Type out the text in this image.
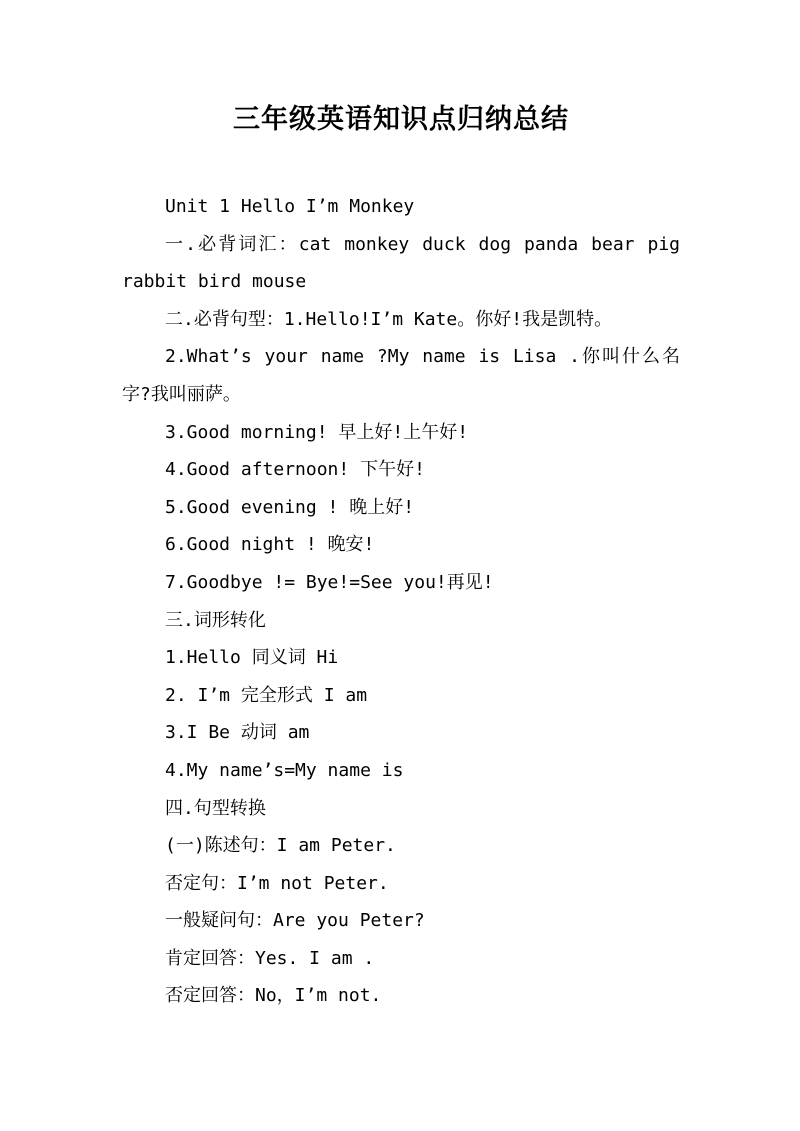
三年级英语知识点归纳总结

Unit 1 Hello I’m Monkey

一.必背词汇：cat monkey duck dog panda bear pig rabbit bird mouse

二.必背句型：1.Hello!I’m Kate。你好!我是凯特。

2.What’s your name ?My name is Lisa .你叫什么名字?我叫丽萨。

3.Good morning! 早上好!上午好!

4.Good afternoon! 下午好!

5.Good evening ! 晚上好!

6.Good night ! 晚安!

7.Goodbye != Bye!=See you!再见!

三.词形转化

1.Hello 同义词 Hi

2. I’m 完全形式 I am

3.I Be 动词 am

4.My name’s=My name is

四.句型转换

(一)陈述句：I am Peter.

否定句：I’m not Peter.

一般疑问句：Are you Peter?

肯定回答：Yes. I am .

否定回答：No，I’m not.
